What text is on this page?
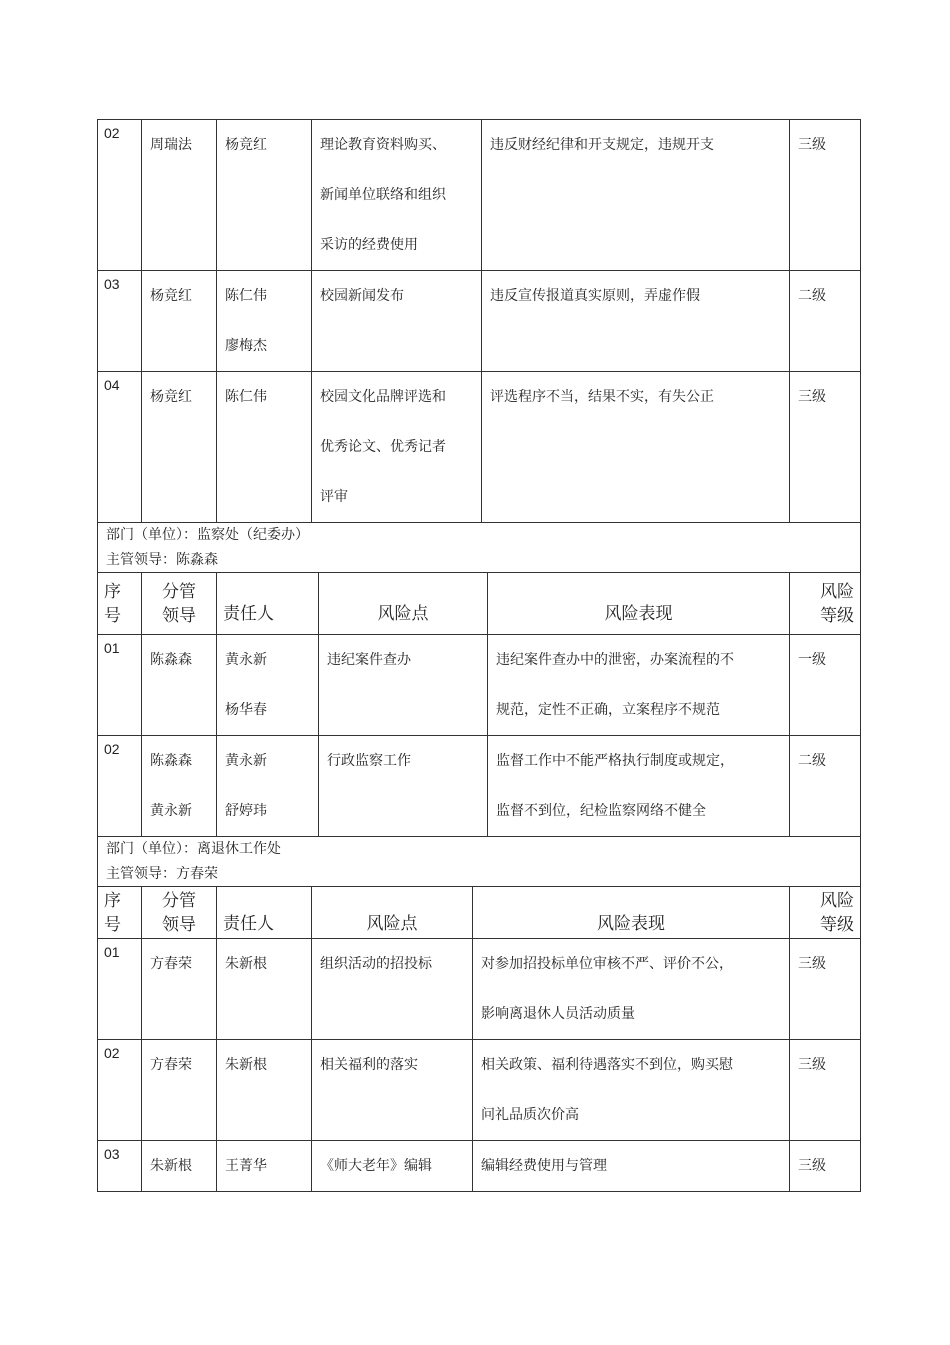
02	周瑞法	杨竞红	理论教育资料购买、
新闻单位联络和组织
采访的经费使用	违反财经纪律和开支规定，违规开支	三级

03	杨竞红	陈仁伟
廖梅杰	校园新闻发布	违反宣传报道真实原则，弄虚作假	二级

04	杨竞红	陈仁伟	校园文化品牌评选和
优秀论文、优秀记者
评审	评选程序不当，结果不实，有失公正	三级
部门（单位）：监察处（纪委办）					

主管领导：陈淼森					

序
号	分管
领导	责任人	风险点	风险表现	风险
等级

01	陈淼森	黄永新
杨华春	违纪案件查办	违纪案件查办中的泄密，办案流程的不
规范，定性不正确，立案程序不规范	一级

02	陈淼森
黄永新	黄永新
舒婷玮	行政监察工作	监督工作中不能严格执行制度或规定，
监督不到位，纪检监察网络不健全	二级
部门（单位）：离退休工作处					

主管领导：方春荣					

序
号	分管
领导	责任人	风险点	风险表现	风险
等级

01	方春荣	朱新根	组织活动的招投标	对参加招投标单位审核不严、评价不公，
影响离退休人员活动质量	三级

02	方春荣	朱新根	相关福利的落实	相关政策、福利待遇落实不到位，购买慰
问礼品质次价高	三级

03	朱新根	王菁华	《师大老年》编辑	编辑经费使用与管理	三级
